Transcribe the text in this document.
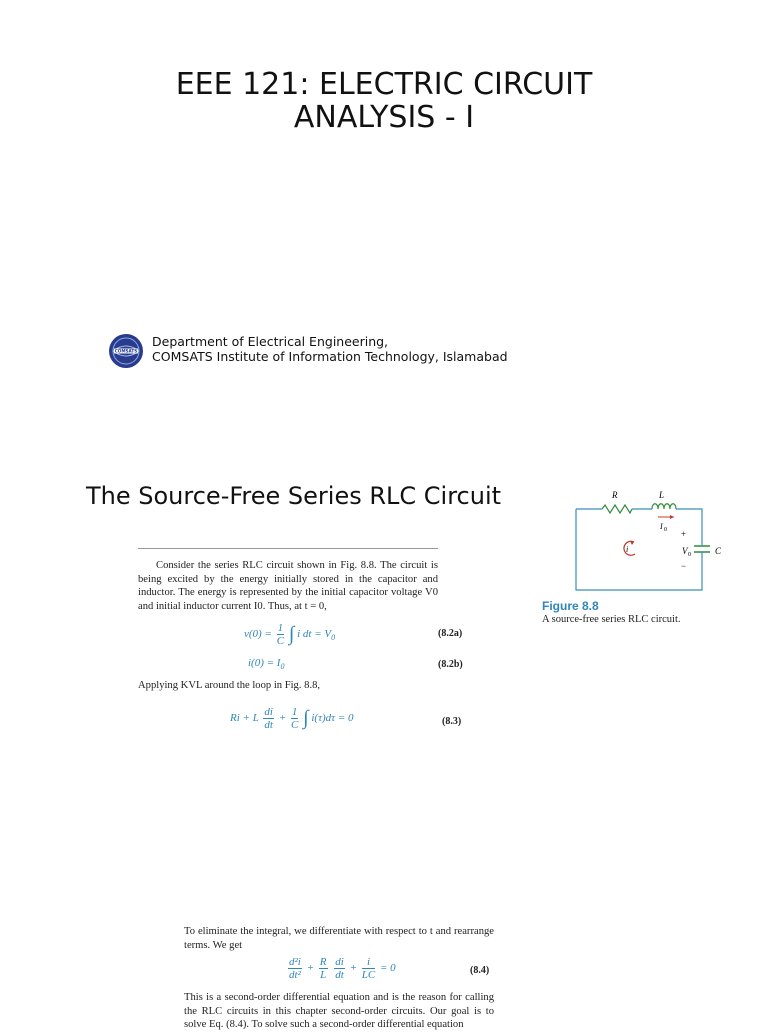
EEE 121: ELECTRIC CIRCUIT
ANALYSIS - I
COMSATS
Department of Electrical Engineering,
COMSATS Institute of Information Technology, Islamabad
The Source-Free Series RLC Circuit	R	L
I 0 +
−
V 0	C
i
Figure 8.8
A source-free series RLC circuit.
Consider the series RLC circuit shown in Fig. 8.8. The circuit is being excited by the energy initially stored in the capacitor and inductor. The energy is represented by the initial capacitor voltage V0 and initial inductor current I0. Thus, at t = 0,
$v(0) = \frac{1}{C}$ ∫ i dt = $V_0$	(8.2a)
$i(0) = I_0$	(8.2b)
Applying KVL around the loop in Fig. 8.8,
Ri + L $\frac{di}{dt} + \frac{1}{C}$ ∫ i(τ)dτ = 0	(8.3)
To eliminate the integral, we differentiate with respect to t and rearrange terms. We get
$\frac{\text{d²i}}{\text{dt²}} + \frac{R}{L}$
$\frac{di}{dt} + \frac{i}{LC} = 0$	(8.4)
This is a second-order differential equation and is the reason for calling the RLC circuits in this chapter second-order circuits. Our goal is to solve Eq. (8.4). To solve such a second-order differential equation
